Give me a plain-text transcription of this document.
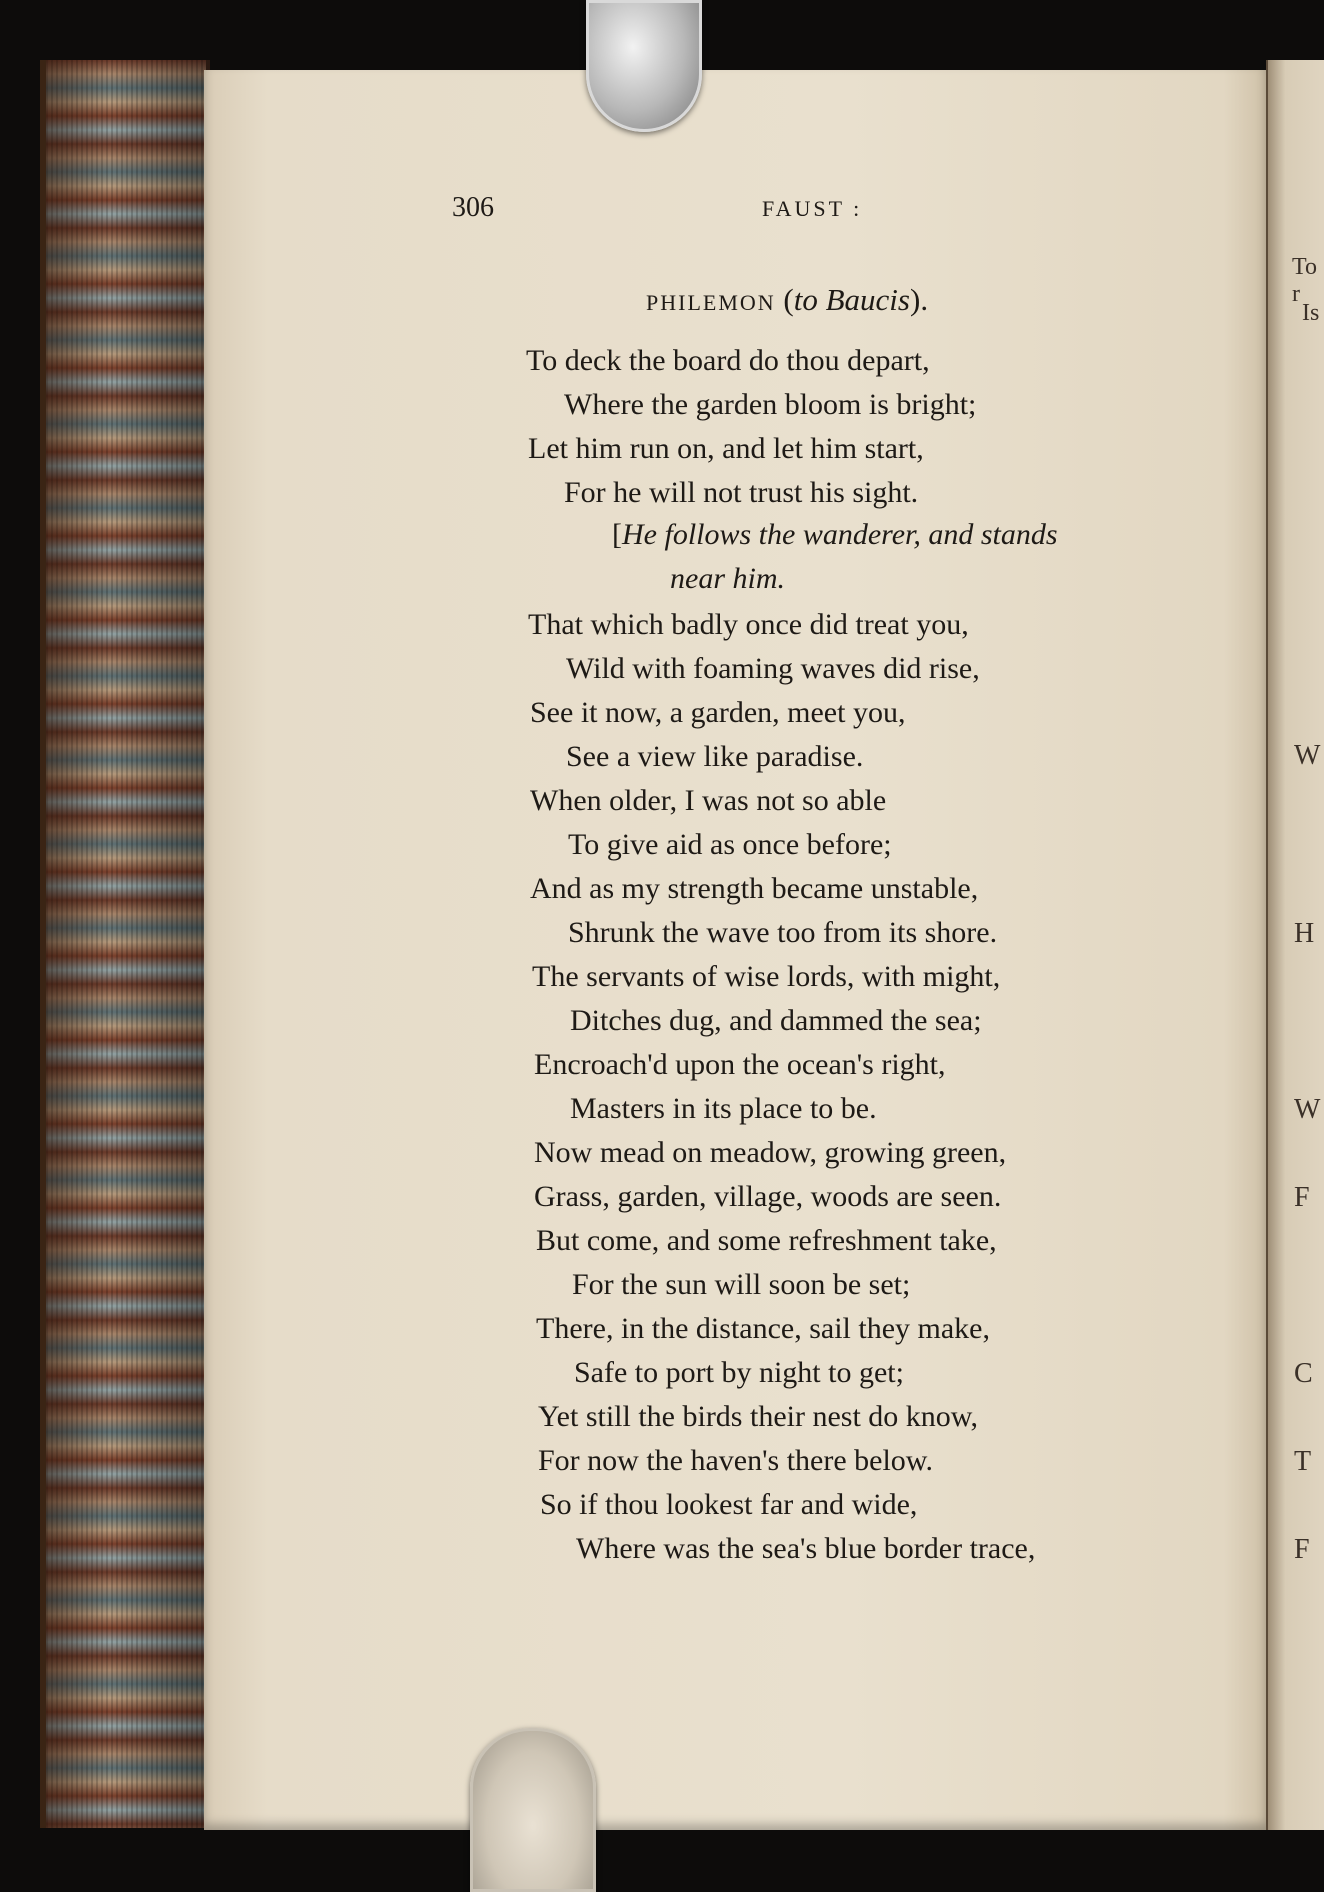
306	FAUST :
PHILEMON (to Baucis).
To deck the board do thou depart,
Where the garden bloom is bright;
Let him run on, and let him start,
For he will not trust his sight.
[He follows the wanderer, and stands
near him.
That which badly once did treat you,
Wild with foaming waves did rise,
See it now, a garden, meet you,
See a view like paradise.
When older, I was not so able
To give aid as once before;
And as my strength became unstable,
Shrunk the wave too from its shore.
The servants of wise lords, with might,
Ditches dug, and dammed the sea;
Encroach'd upon the ocean's right,
Masters in its place to be.
Now mead on meadow, growing green,
Grass, garden, village, woods are seen.
But come, and some refreshment take,
For the sun will soon be set;
There, in the distance, sail they make,
Safe to port by night to get;
Yet still the birds their nest do know,
For now the haven's there below.
So if thou lookest far and wide,
Where was the sea's blue border trace,
To r
Is
W
H
W
F
C
T
F
